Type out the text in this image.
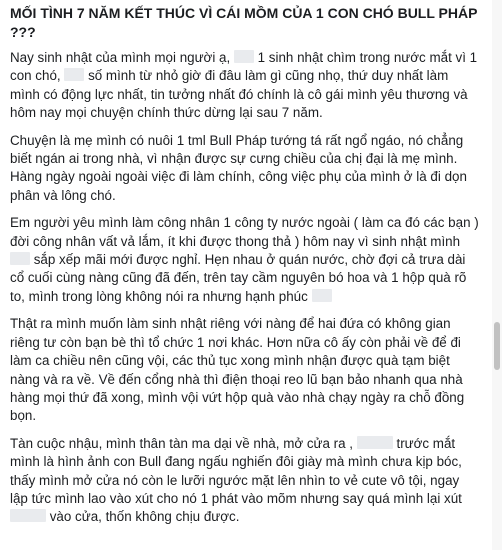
MỐI TÌNH 7 NĂM KẾT THÚC VÌ CÁI MỒM CỦA 1 CON CHÓ BULL PHÁP ???
Nay sinh nhật của mình mọi người ạ,  1 sinh nhật chìm trong nước mắt vì 1 con chó,  số mình từ nhỏ giờ đi đâu làm gì cũng nhọ, thứ duy nhất làm mình có động lực nhất, tin tưởng nhất đó chính là cô gái mình yêu thương và hôm nay mọi chuyện chính thức dừng lại sau 7 năm.
Chuyện là mẹ mình có nuôi 1 tml Bull Pháp tướng tá rất ngổ ngáo, nó chẳng biết ngán ai trong nhà, vì nhận được sự cưng chiều của chị đại là mẹ mình. Hàng ngày ngoài ngoài việc đi làm chính, công việc phụ của mình ở là đi dọn phân và lông chó.
Em người yêu mình làm công nhân 1 công ty nước ngoài ( làm ca đó các bạn ) đời công nhân vất vả lắm, ít khi được thong thả ) hôm nay vì sinh nhật mình  sắp xếp mãi mới được nghỉ. Hẹn nhau ở quán nước, chờ đợi cả trưa dài cổ cuối cùng nàng cũng đã đến, trên tay cầm nguyên bó hoa và 1 hộp quà rõ to, mình trong lòng không nói ra nhưng hạnh phúc
Thật ra mình muốn làm sinh nhật riêng với nàng để hai đứa có không gian riêng tư còn bạn bè thì tổ chức 1 nơi khác. Hơn nữa cô ấy còn phải về để đi làm ca chiều nên cũng vội, các thủ tục xong mình nhận được quà tạm biệt nàng và ra về. Về đến cổng nhà thì điện thoại reo lũ bạn bảo nhanh qua nhà hàng mọi thứ đã xong, mình vội vứt hộp quà vào nhà chạy ngày ra chỗ đồng bọn.
Tàn cuộc nhậu, mình thân tàn ma dại về nhà, mở cửa ra ,	trước mắt mình là hình ảnh con Bull đang ngấu nghiến đôi giày mà mình chưa kịp bóc, thấy mình mở cửa nó còn le lưỡi ngước mặt lên nhìn to vẻ cute vô tội, ngay lập tức mình lao vào xút cho nó 1 phát vào mõm nhưng say quá mình lại xút  vào cửa, thốn không chịu được.
